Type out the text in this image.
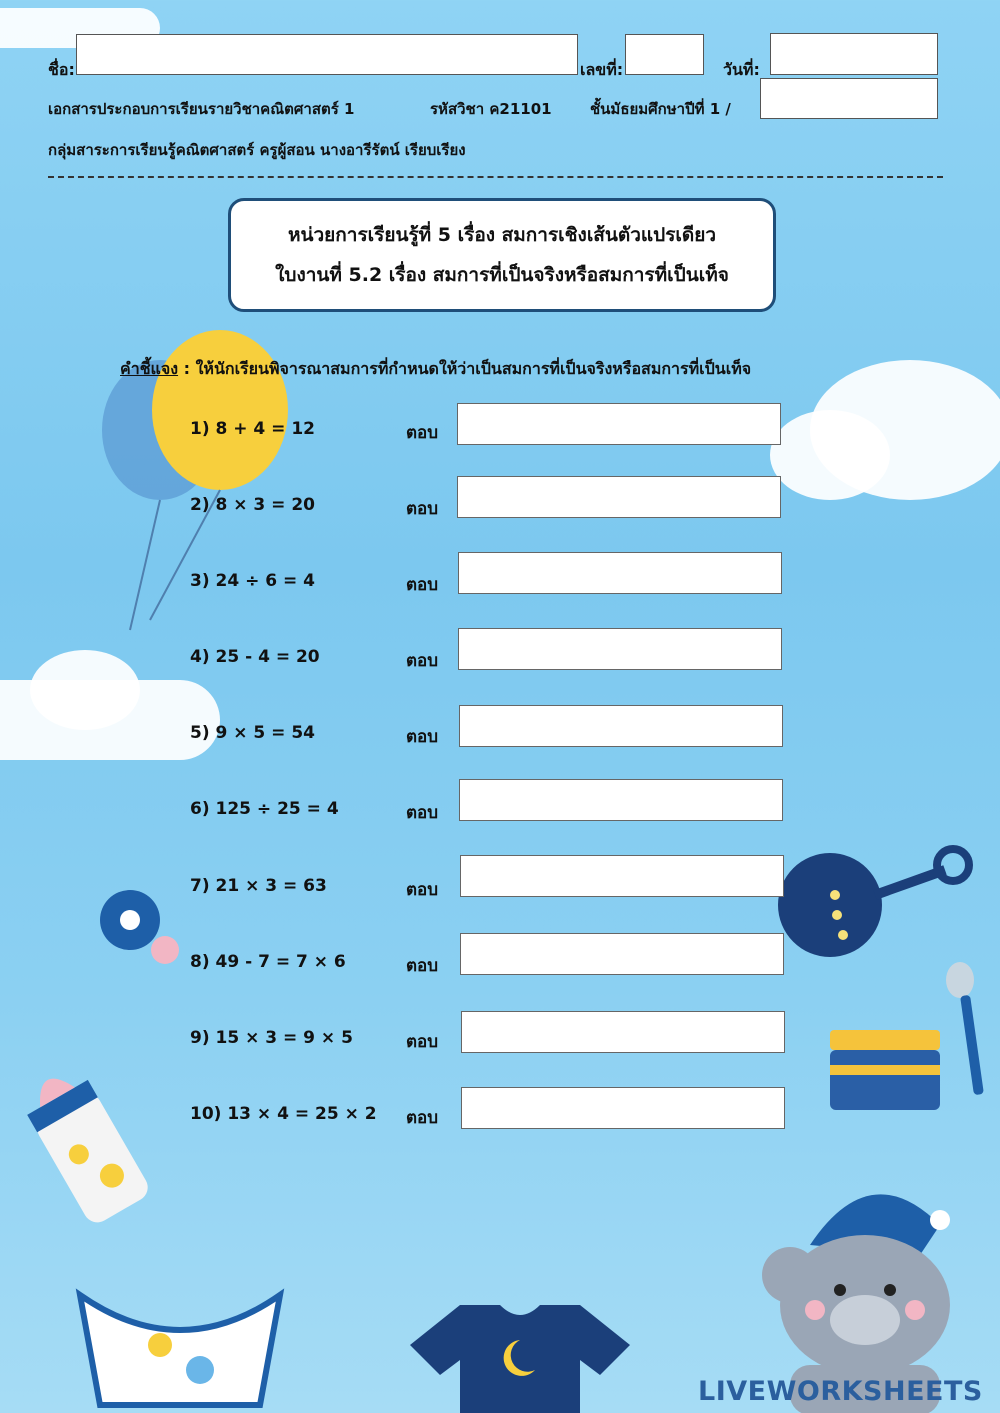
ชื่อ:	เลขที่:	วันที่:
เอกสารประกอบการเรียนรายวิชาคณิตศาสตร์ 1	รหัสวิชา ค21101	ชั้นมัธยมศึกษาปีที่ 1 /
กลุ่มสาระการเรียนรู้คณิตศาสตร์ ครูผู้สอน นางอารีรัตน์ เรียบเรียง
หน่วยการเรียนรู้ที่ 5 เรื่อง สมการเชิงเส้นตัวแปรเดียว
ใบงานที่ 5.2 เรื่อง สมการที่เป็นจริงหรือสมการที่เป็นเท็จ
คำชี้แจง : ให้นักเรียนพิจารณาสมการที่กำหนดให้ว่าเป็นสมการที่เป็นจริงหรือสมการที่เป็นเท็จ
1) 8 + 4 = 12	ตอบ
2) 8 × 3 = 20	ตอบ
3) 24 ÷ 6 = 4	ตอบ
4) 25 - 4 = 20	ตอบ
5) 9 × 5 = 54	ตอบ
6) 125 ÷ 25 = 4	ตอบ
7) 21 × 3 = 63	ตอบ
8) 49 - 7 = 7 × 6	ตอบ
9) 15 × 3 = 9 × 5	ตอบ
10) 13 × 4 = 25 × 2	ตอบ
LIVEWORKSHEETS
